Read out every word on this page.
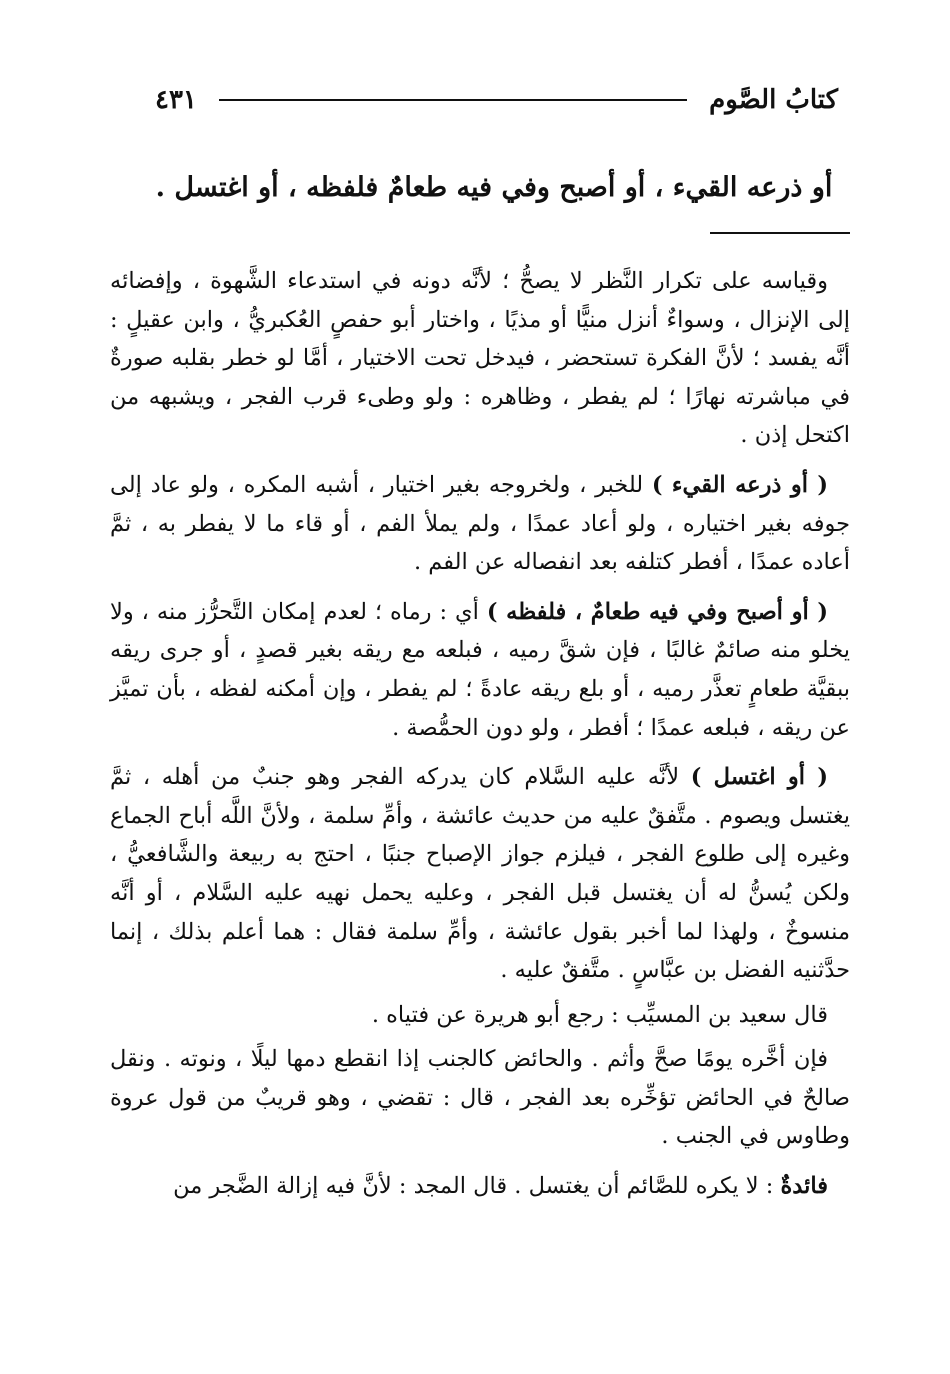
كتابُ الصَّوم
٤٣١
أو ذرعه القيء ، أو أصبح وفي فيه طعامٌ فلفظه ، أو اغتسل .

وقياسه على تكرار النَّظر لا يصحُّ ؛ لأنَّه دونه في استدعاء الشَّهوة ، وإفضائه إلى الإنزال ، وسواءٌ أنزل منيًّا أو مذيًا ، واختار أبو حفصٍ العُكبريُّ ، وابن عقيلٍ : أنَّه يفسد ؛ لأنَّ الفكرة تستحضر ، فيدخل تحت الاختيار ، أمَّا لو خطر بقلبه صورةٌ في مباشرته نهارًا ؛ لم يفطر ، وظاهره : ولو وطىء قرب الفجر ، ويشبهه من اكتحل إذن .

( أو ذرعه القيء ) للخبر ، ولخروجه بغير اختيار ، أشبه المكره ، ولو عاد إلى جوفه بغير اختياره ، ولو أعاد عمدًا ، ولم يملأ الفم ، أو قاء ما لا يفطر به ، ثمَّ أعاده عمدًا ، أفطر كتلفه بعد انفصاله عن الفم .

( أو أصبح وفي فيه طعامٌ ، فلفظه ) أي : رماه ؛ لعدم إمكان التَّحرُّز منه ، ولا يخلو منه صائمٌ غالبًا ، فإن شقَّ رميه ، فبلعه مع ريقه بغير قصدٍ ، أو جرى ريقه ببقيَّة طعامٍ تعذَّر رميه ، أو بلع ريقه عادةً ؛ لم يفطر ، وإن أمكنه لفظه ، بأن تميَّز عن ريقه ، فبلعه عمدًا ؛ أفطر ، ولو دون الحمُّصة .

( أو اغتسل ) لأنَّه عليه السَّلام كان يدركه الفجر وهو جنبٌ من أهله ، ثمَّ يغتسل ويصوم . متَّفقٌ عليه من حديث عائشة ، وأمِّ سلمة ، ولأنَّ اللَّه أباح الجماع وغيره إلى طلوع الفجر ، فيلزم جواز الإصباح جنبًا ، احتج به ربيعة والشَّافعيُّ ، ولكن يُسنُّ له أن يغتسل قبل الفجر ، وعليه يحمل نهيه عليه السَّلام ، أو أنَّه منسوخٌ ، ولهذا لما أخبر بقول عائشة ، وأمِّ سلمة فقال : هما أعلم بذلك ، إنما حدَّثنيه الفضل بن عبَّاسٍ . متَّفقٌ عليه .

قال سعيد بن المسيِّب : رجع أبو هريرة عن فتياه .

فإن أخَّره يومًا صحَّ وأثم . والحائض كالجنب إذا انقطع دمها ليلًا ، ونوته . ونقل صالحٌ في الحائض تؤخِّره بعد الفجر ، قال : تقضي ، وهو قريبٌ من قول عروة وطاوس في الجنب .

فائدةٌ : لا يكره للصَّائم أن يغتسل . قال المجد : لأنَّ فيه إزالة الضَّجر من
